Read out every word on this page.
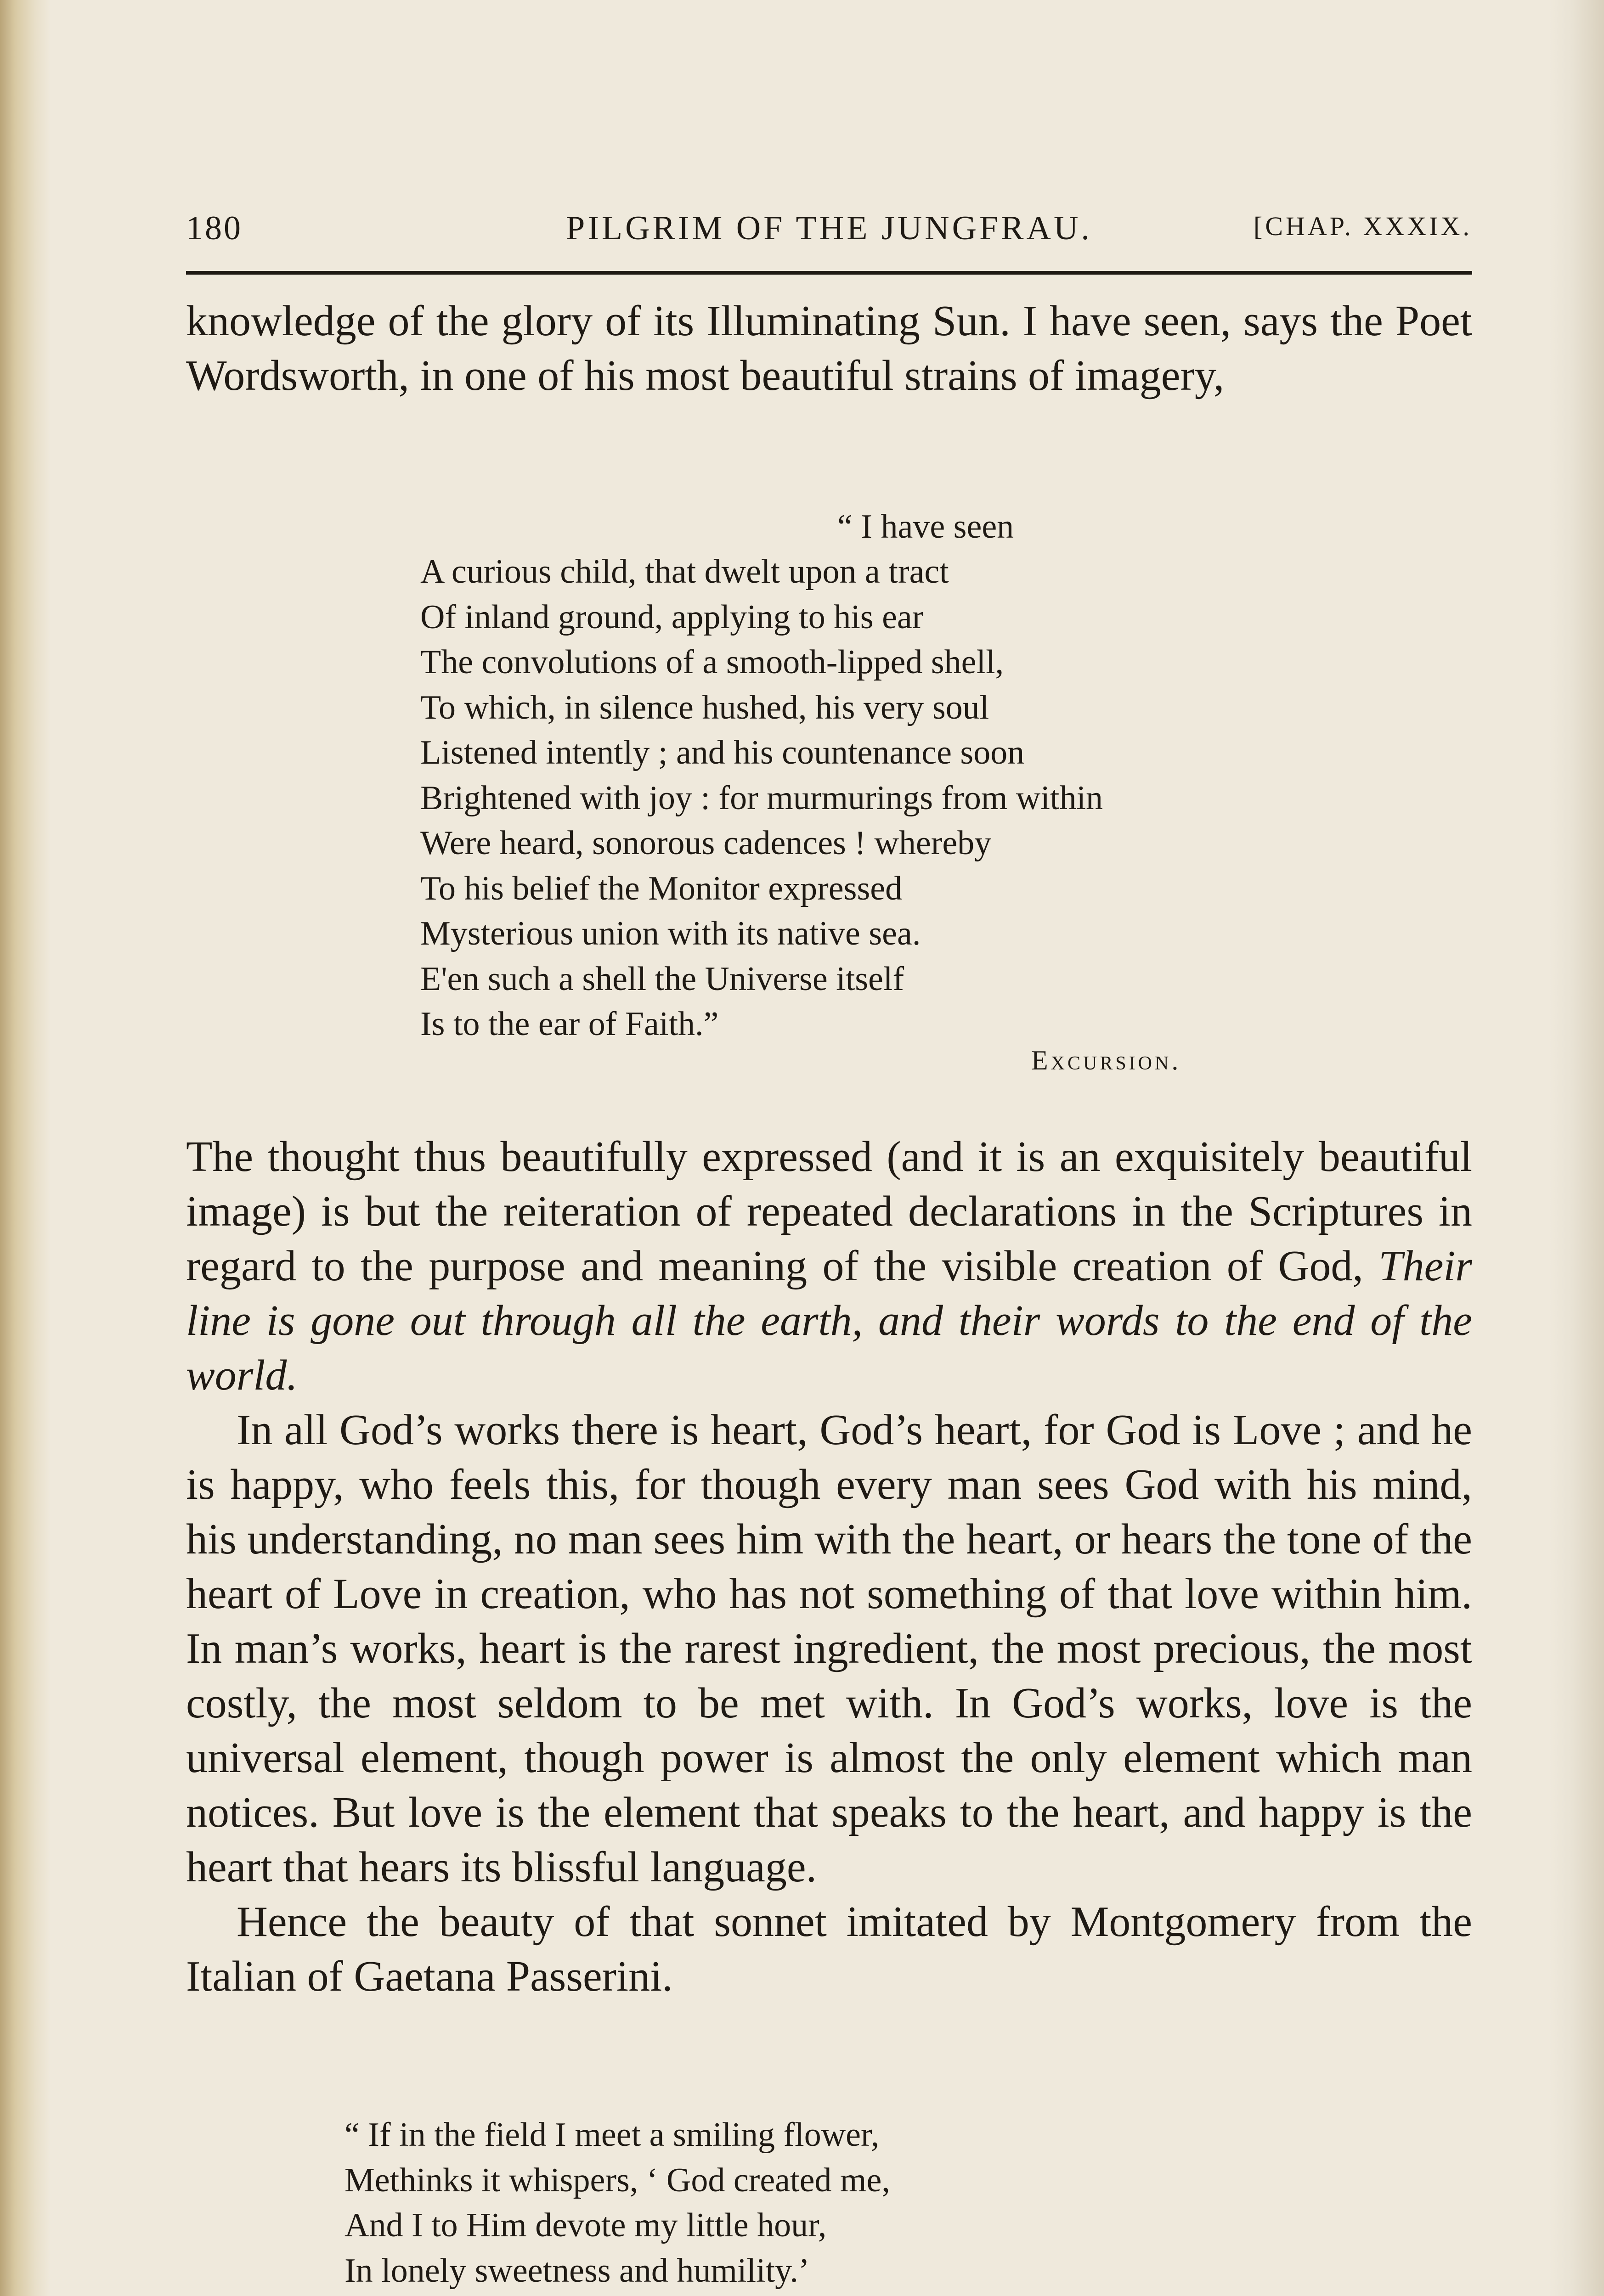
180	PILGRIM OF THE JUNGFRAU.	[CHAP. XXXIX.

knowledge of the glory of its Illuminating Sun. I have seen, says the Poet Wordsworth, in one of his most beautiful strains of imagery,

“ I have seen
A curious child, that dwelt upon a tract
Of inland ground, applying to his ear
The convolutions of a smooth-lipped shell,
To which, in silence hushed, his very soul
Listened intently ; and his countenance soon
Brightened with joy : for murmurings from within
Were heard, sonorous cadences ! whereby
To his belief the Monitor expressed
Mysterious union with its native sea.
E'en such a shell the Universe itself
Is to the ear of Faith.”
Excursion.

The thought thus beautifully expressed (and it is an exquisitely beautiful image) is but the reiteration of repeated declarations in the Scriptures in regard to the purpose and meaning of the visible creation of God, Their line is gone out through all the earth, and their words to the end of the world.

In all God’s works there is heart, God’s heart, for God is Love ; and he is happy, who feels this, for though every man sees God with his mind, his understanding, no man sees him with the heart, or hears the tone of the heart of Love in creation, who has not something of that love within him. In man’s works, heart is the rarest ingredient, the most precious, the most costly, the most seldom to be met with. In God’s works, love is the universal element, though power is almost the only element which man notices. But love is the element that speaks to the heart, and happy is the heart that hears its blissful language.

Hence the beauty of that sonnet imitated by Montgomery from the Italian of Gaetana Passerini.

“ If in the field I meet a smiling flower,
Methinks it whispers, ‘ God created me,
And I to Him devote my little hour,
In lonely sweetness and humility.’
